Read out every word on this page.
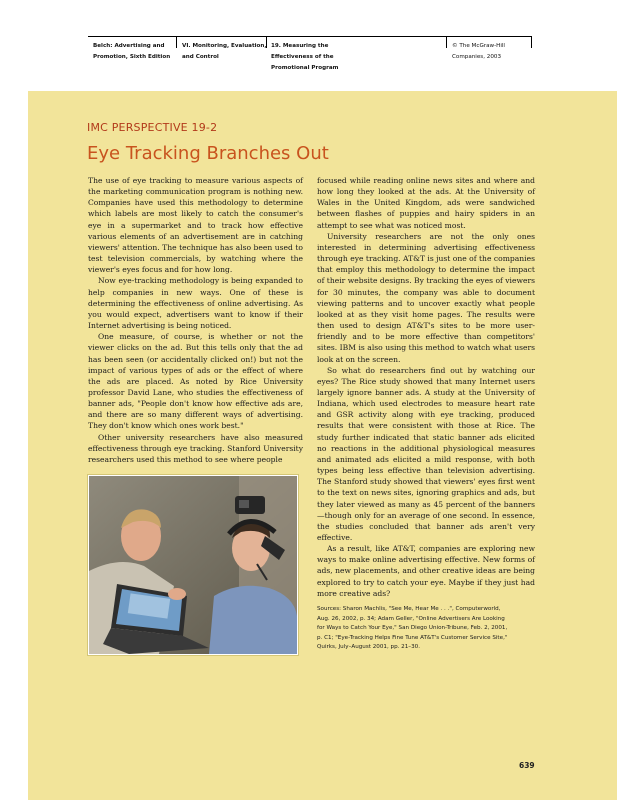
Belch: Advertising and
Promotion, Sixth Edition
VI. Monitoring, Evaluation,
and Control
19. Measuring the
Effectiveness of the
Promotional Program
© The McGraw-Hill
Companies, 2003
IMC PERSPECTIVE 19-2
Eye Tracking Branches Out

The use of eye tracking to measure various aspects of the marketing communication program is nothing new. Companies have used this methodology to determine which labels are most likely to catch the consumer's eye in a supermarket and to track how effective various elements of an advertisement are in catching viewers' attention. The technique has also been used to test television commercials, by watching where the viewer's eyes focus and for how long.

Now eye-tracking methodology is being expanded to help companies in new ways. One of these is determining the effectiveness of online advertising. As you would expect, advertisers want to know if their Internet advertising is being noticed.

One measure, of course, is whether or not the viewer clicks on the ad. But this tells only that the ad has been seen (or accidentally clicked on!) but not the impact of various types of ads or the effect of where the ads are placed. As noted by Rice University professor David Lane, who studies the effectiveness of banner ads, "People don't know how effective ads are, and there are so many different ways of advertising. They don't know which ones work best."

Other university researchers have also measured effectiveness through eye tracking. Stanford University researchers used this method to see where people

focused while reading online news sites and where and how long they looked at the ads. At the University of Wales in the United Kingdom, ads were sandwiched between flashes of puppies and hairy spiders in an attempt to see what was noticed most.

University researchers are not the only ones interested in determining advertising effectiveness through eye tracking. AT&T is just one of the companies that employ this methodology to determine the impact of their website designs. By tracking the eyes of viewers for 30 minutes, the company was able to document viewing patterns and to uncover exactly what people looked at as they visit home pages. The results were then used to design AT&T's sites to be more user-friendly and to be more effective than competitors' sites. IBM is also using this method to watch what users look at on the screen.

So what do researchers find out by watching our eyes? The Rice study showed that many Internet users largely ignore banner ads. A study at the University of Indiana, which used electrodes to measure heart rate and GSR activity along with eye tracking, produced results that were consistent with those at Rice. The study further indicated that static banner ads elicited no reactions in the additional physiological measures and animated ads elicited a mild response, with both types being less effective than television advertising. The Stanford study showed that viewers' eyes first went to the text on news sites, ignoring graphics and ads, but they later viewed as many as 45 percent of the banners—though only for an average of one second. In essence, the studies concluded that banner ads aren't very effective.

As a result, like AT&T, companies are exploring new ways to make online advertising effective. New forms of ads, new placements, and other creative ideas are being explored to try to catch your eye. Maybe if they just had more creative ads?

Sources: Sharon Machlis, "See Me, Hear Me . . .", Computerworld,
Aug. 26, 2002, p. 34; Adam Geller, "Online Advertisers Are Looking
for Ways to Catch Your Eye," San Diego Union-Tribune, Feb. 2, 2001,
p. C1; "Eye-Tracking Helps Fine Tune AT&T's Customer Service Site,"
Quirks, July–August 2001, pp. 21–30.
639
